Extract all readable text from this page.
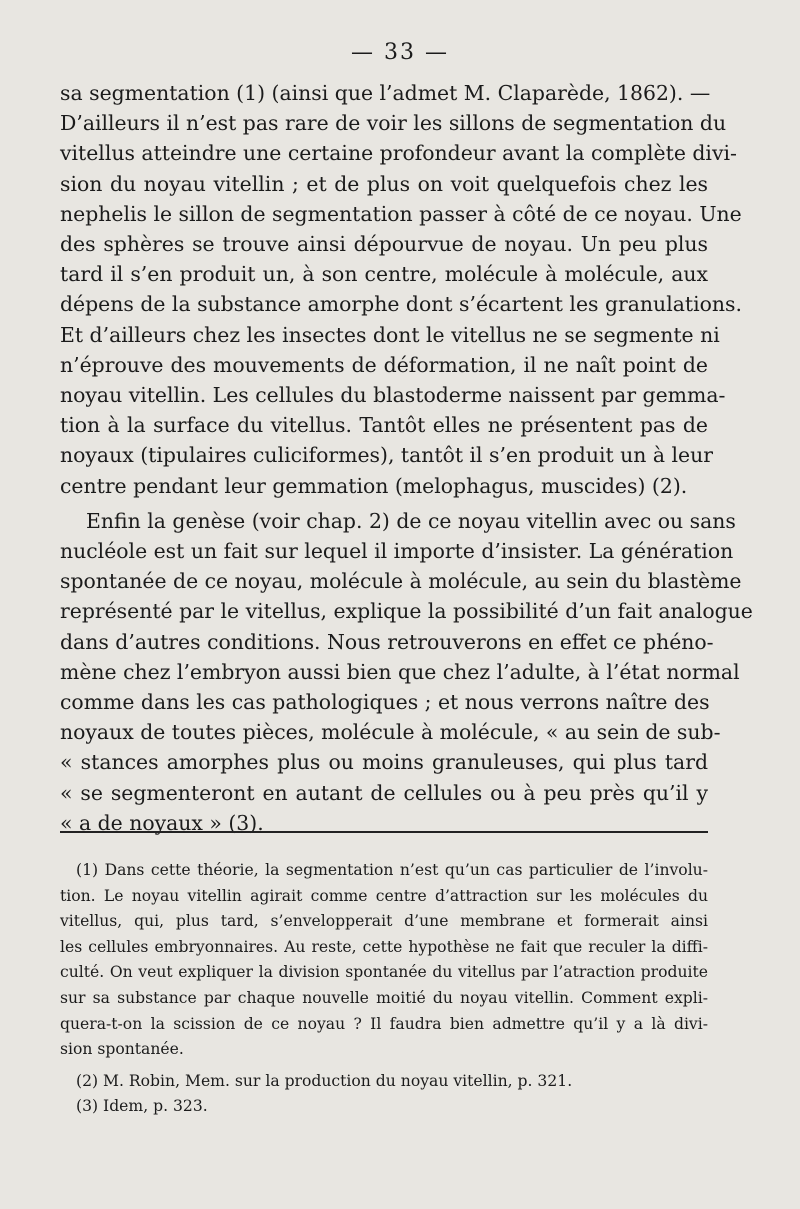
— 33 —
sa segmentation (1) (ainsi que l’admet M. Claparède, 1862). —
D’ailleurs il n’est pas rare de voir les sillons de segmentation du
vitellus atteindre une certaine profondeur avant la complète divi-
sion du noyau vitellin ; et de plus on voit quelquefois chez les
nephelis le sillon de segmentation passer à côté de ce noyau. Une
des sphères se trouve ainsi dépourvue de noyau. Un peu plus
tard il s’en produit un, à son centre, molécule à molécule, aux
dépens de la substance amorphe dont s’écartent les granulations.
Et d’ailleurs chez les insectes dont le vitellus ne se segmente ni
n’éprouve des mouvements de déformation, il ne naît point de
noyau vitellin. Les cellules du blastoderme naissent par gemma-
tion à la surface du vitellus. Tantôt elles ne présentent pas de
noyaux (tipulaires culiciformes), tantôt il s’en produit un à leur
centre pendant leur gemmation (melophagus, muscides) (2).
Enfin la genèse (voir chap. 2) de ce noyau vitellin avec ou sans
nucléole est un fait sur lequel il importe d’insister. La génération
spontanée de ce noyau, molécule à molécule, au sein du blastème
représenté par le vitellus, explique la possibilité d’un fait analogue
dans d’autres conditions. Nous retrouverons en effet ce phéno-
mène chez l’embryon aussi bien que chez l’adulte, à l’état normal
comme dans les cas pathologiques ; et nous verrons naître des
noyaux de toutes pièces, molécule à molécule, « au sein de sub-
« stances amorphes plus ou moins granuleuses, qui plus tard
« se segmenteront en autant de cellules ou à peu près qu’il y
« a de noyaux » (3).
(1) Dans cette théorie, la segmentation n’est qu’un cas particulier de l’involu-
tion. Le noyau vitellin agirait comme centre d’attraction sur les molécules du
vitellus, qui, plus tard, s’envelopperait d’une membrane et formerait ainsi
les cellules embryonnaires. Au reste, cette hypothèse ne fait que reculer la diffi-
culté. On veut expliquer la division spontanée du vitellus par l’atraction produite
sur sa substance par chaque nouvelle moitié du noyau vitellin. Comment expli-
quera-t-on la scission de ce noyau ? Il faudra bien admettre qu’il y a là divi-
sion spontanée.
(2) M. Robin, Mem. sur la production du noyau vitellin, p. 321.
(3) Idem, p. 323.
